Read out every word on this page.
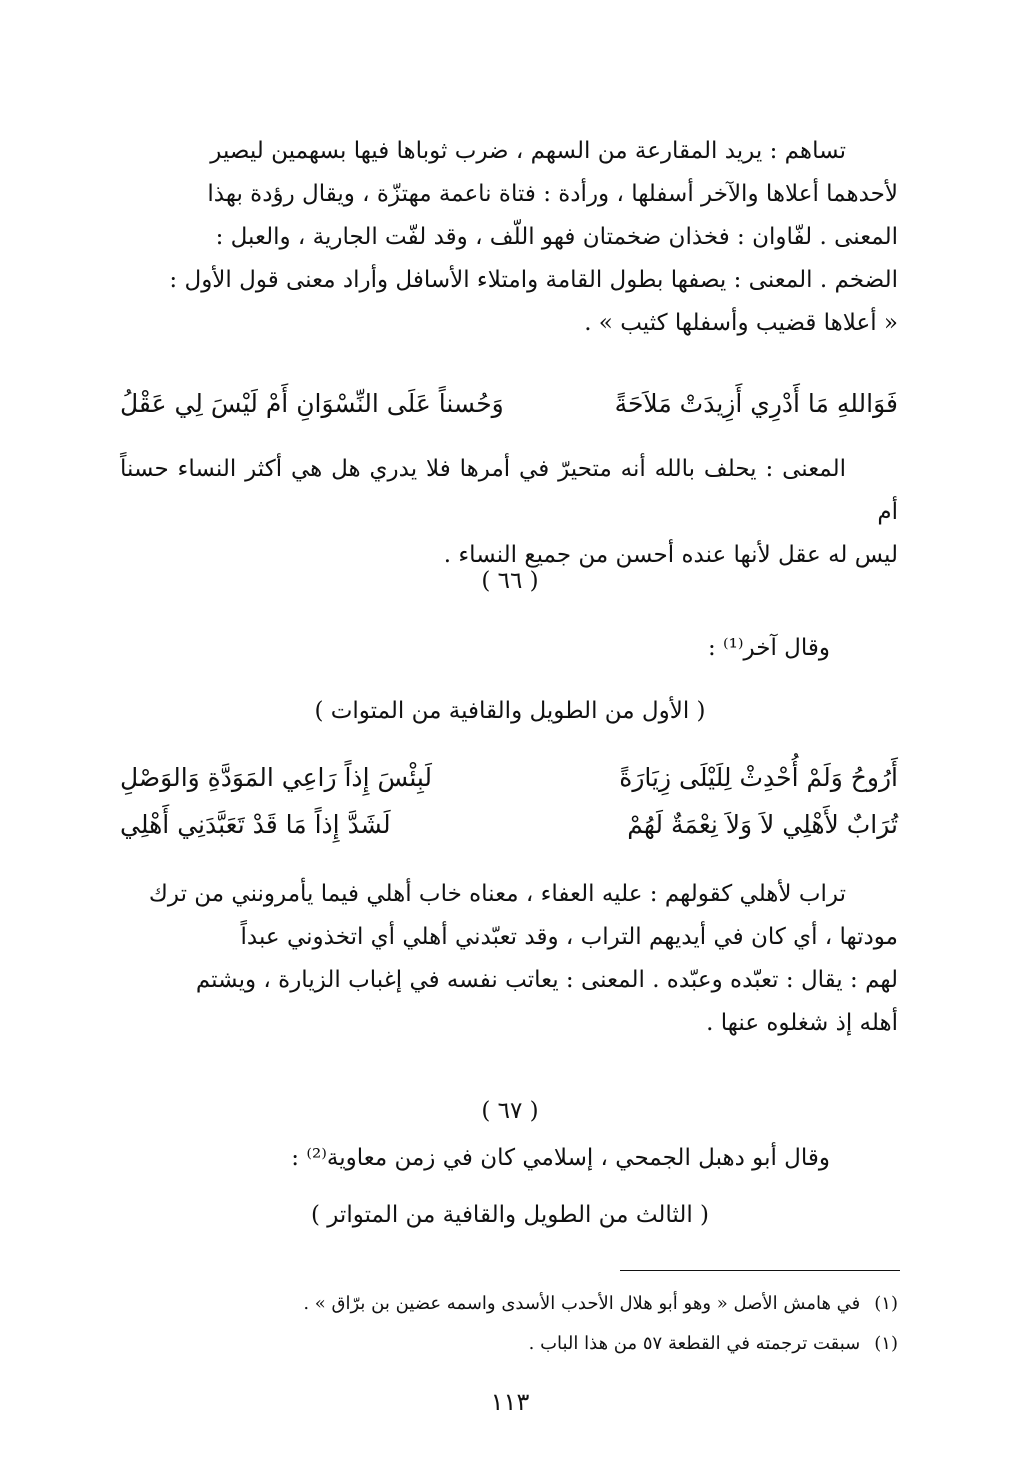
تساهم : يريد المقارعة من السهم ، ضرب ثوباها فيها بسهمين ليصير

لأحدهما أعلاها والآخر أسفلها ، ورأدة : فتاة ناعمة مهتزّة ، ويقال رؤدة بهذا

المعنى . لفّاوان : فخذان ضخمتان فهو اللّف ، وقد لفّت الجارية ، والعبل :

الضخم . المعنى : يصفها بطول القامة وامتلاء الأسافل وأراد معنى قول الأول :

« أعلاها قضيب وأسفلها كثيب » .

فَوَاللهِ مَا أَدْرِي أَزِيدَتْ مَلاَحَةً
وَحُسناً عَلَى النِّسْوَانِ أَمْ لَيْسَ لِي عَقْلُ

المعنى : يحلف بالله أنه متحيرّ في أمرها فلا يدري هل هي أكثر النساء حسناً أم

ليس له عقل لأنها عنده أحسن من جميع النساء .

( ٦٦ )
وقال آخر⁽¹⁾ :
( الأول من الطويل والقافية من المتوات )
أَرُوحُ وَلَمْ أُحْدِثْ لِلَيْلَى زِيَارَةً
لَبِئْسَ إِذاً رَاعِي المَوَدَّةِ وَالوَصْلِ
تُرَابٌ لأَهْلِي لاَ وَلاَ نِعْمَةٌ لَهُمْ
لَشَدَّ إِذاً مَا قَدْ تَعَبَّدَنِي أَهْلِي

تراب لأهلي كقولهم : عليه العفاء ، معناه خاب أهلي فيما يأمرونني من ترك

مودتها ، أي كان في أيديهم التراب ، وقد تعبّدني أهلي أي اتخذوني عبداً

لهم : يقال : تعبّده وعبّده . المعنى : يعاتب نفسه في إغباب الزيارة ، ويشتم

أهله إذ شغلوه عنها .

( ٦٧ )
وقال أبو دهبل الجمحي ، إسلامي كان في زمن معاوية⁽²⁾ :
( الثالث من الطويل والقافية من المتواتر )
(١)في هامش الأصل « وهو أبو هلال الأحدب الأسدى واسمه عضين بن برّاق » .
(١)سبقت ترجمته في القطعة ٥٧ من هذا الباب .
١١٣
